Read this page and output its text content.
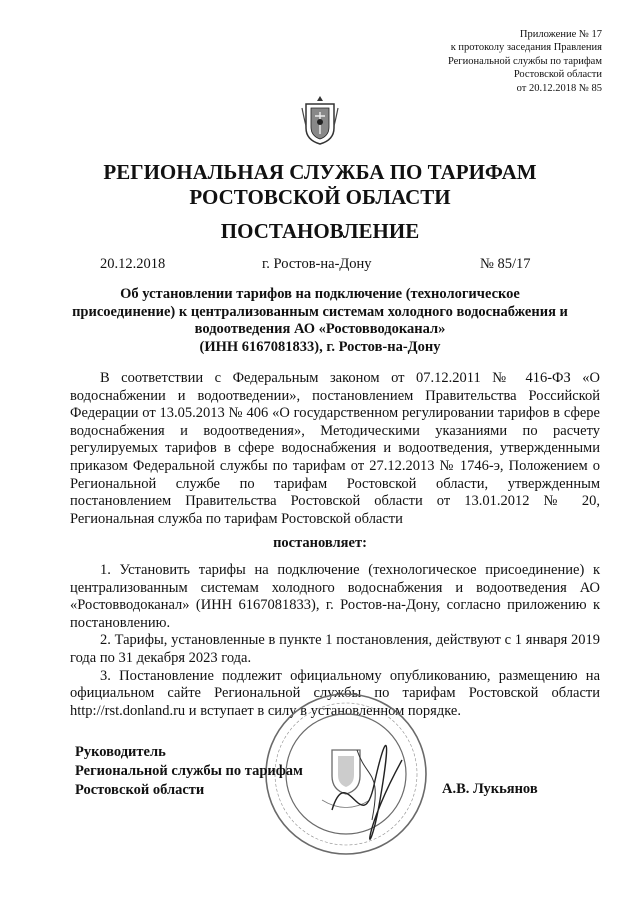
Приложение № 17
к протоколу заседания Правления
Региональной службы по тарифам
Ростовской области
от 20.12.2018 № 85
РЕГИОНАЛЬНАЯ СЛУЖБА ПО ТАРИФАМ
РОСТОВСКОЙ ОБЛАСТИ
ПОСТАНОВЛЕНИЕ
20.12.2018	г. Ростов-на-Дону	№ 85/17
Об установлении тарифов на подключение (технологическое
присоединение) к централизованным системам холодного водоснабжения и
водоотведения АО «Ростовводоканал»
(ИНН 6167081833), г. Ростов-на-Дону

В соответствии с Федеральным законом от 07.12.2011 № 416-ФЗ «О водоснабжении и водоотведении», постановлением Правительства Российской Федерации от 13.05.2013 № 406 «О государственном регулировании тарифов в сфере водоснабжения и водоотведения», Методическими указаниями по расчету регулируемых тарифов в сфере водоснабжения и водоотведения, утвержденными приказом Федеральной службы по тарифам от 27.12.2013 № 1746-э, Положением о Региональной службе по тарифам Ростовской области, утвержденным постановлением Правительства Ростовской области от 13.01.2012 № 20, Региональная служба по тарифам Ростовской области

постановляет:

1. Установить тарифы на подключение (технологическое присоединение) к централизованным системам холодного водоснабжения и водоотведения АО «Ростовводоканал» (ИНН 6167081833), г. Ростов-на-Дону, согласно приложению к постановлению.

2. Тарифы, установленные в пункте 1 постановления, действуют с 1 января 2019 года по 31 декабря 2023 года.

3. Постановление подлежит официальному опубликованию, размещению на официальном сайте Региональной службы по тарифам Ростовской области http://rst.donland.ru и вступает в силу в установленном порядке.

Руководитель
Региональной службы по тарифам
Ростовской области	А.В. Лукьянов
